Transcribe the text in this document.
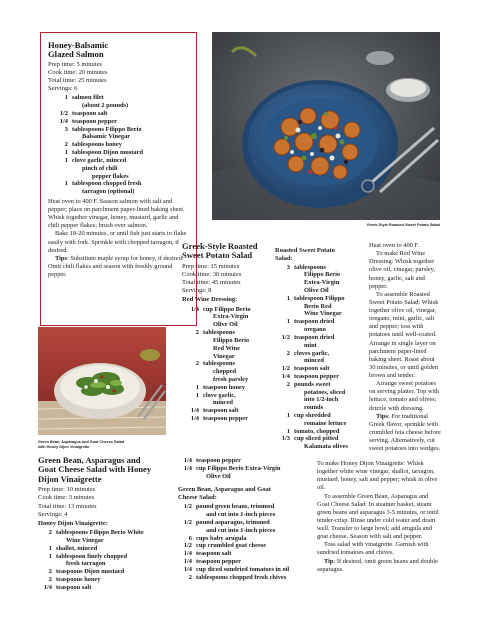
Honey-Balsamic
Glazed Salmon
Prep time: 5 minutes
Cook time: 20 minutes
Total time: 25 minutes
Servings: 6
1 salmon filet
(about 2 pounds)
1/2 teaspoon salt
1/4 teaspoon pepper
3 tablespoons Filippo Berio
Balsamic Vinegar
2 tablespoons honey
1 tablespoon Dijon mustard
1 clove garlic, minced
pinch of chili
pepper flakes
1 tablespoon chopped fresh
tarragon (optional)

Heat oven to 400 F. Season salmon with salt and pepper; place on parchment paper-lined baking sheet. Whisk together vinegar, honey, mustard, garlic and chili pepper flakes; brush over salmon.

Bake 18-20 minutes, or until fish just starts to flake easily with fork. Sprinkle with chopped tarragon, if desired.

Tips: Substitute maple syrup for honey, if desired. Omit chili flakes and season with freshly ground pepper.

Greek-Style Roasted Sweet Potato Salad
Green Bean, Asparagus and Goat Cheese Salad
with Honey Dijon Vinaigrette
Greek-Style Roasted
Sweet Potato Salad
Prep time: 15 minutes
Cook time: 30 minutes
Total time: 45 minutes
Servings: 8
Red Wine Dressing:
1/4 cup Filippo Berio
Extra-Virgin
Olive Oil
2 tablespoons
Filippo Berio
Red Wine
Vinegar
2 tablespoons
chopped
fresh parsley
1 teaspoon honey
1 clove garlic,
minced
1/4 teaspoon salt
1/4 teaspoon pepper
Roasted Sweet Potato
Salad:
3 tablespoons
Filippo Berio
Extra-Virgin
Olive Oil
1 tablespoon Filippo
Berio Red
Wine Vinegar
1 teaspoon dried
oregano
1/2 teaspoon dried
mint
2 cloves garlic,
minced
1/2 teaspoon salt
1/4 teaspoon pepper
2 pounds sweet
potatoes, sliced
into 1/2-inch
rounds
1 cup shredded
romaine lettuce
1 tomato, chopped
1/3 cup sliced pitted
Kalamata olives

Heat oven to 400 F.

To make Red Wine Dressing: Whisk together olive oil, vinegar, parsley, honey, garlic, salt and pepper.

To assemble Roasted Sweet Potato Salad: Whisk together olive oil, vinegar, oregano, mint, garlic, salt and pepper; toss with potatoes until well-coated. Arrange in single layer on parchment paper-lined baking sheet. Roast about 30 minutes, or until golden brown and tender.

Arrange sweet potatoes on serving platter. Top with lettuce, tomato and olives; drizzle with dressing.

Tips: For traditional Greek flavor, sprinkle with crumbled feta cheese before serving. Alternatively, cut sweet potatoes into wedges.

Green Bean, Asparagus and
Goat Cheese Salad with Honey
Dijon Vinaigrette
Prep time: 10 minutes
Cook time: 3 minutes
Total time: 13 minutes
Servings: 4
Honey Dijon Vinaigrette:
2 tablespoons Filippo Berio White
Wine Vinegar
1 shallot, minced
1 tablespoon finely chopped
fresh tarragon
2 teaspoons Dijon mustard
2 teaspoons honey
1/4 teaspoon salt
1/4 teaspoon pepper
1/4 cup Filippo Berio Extra-Virgin
Olive Oil
Green Bean, Asparagus and Goat
Cheese Salad:
1/2 pound green beans, trimmed
and cut into 1-inch pieces
1/2 pound asparagus, trimmed
and cut into 1-inch pieces
6 cups baby arugula
1/2 cup crumbled goat cheese
1/4 teaspoon salt
1/4 teaspoon pepper
1/4 cup diced sundried tomatoes in oil
2 tablespoons chopped fresh chives

To make Honey Dijon Vinaigrette: Whisk together white wine vinegar, shallot, tarragon, mustard, honey, salt and pepper; whisk in olive oil.

To assemble Green Bean, Asparagus and Goat Cheese Salad: In steamer basket, steam green beans and asparagus 3-5 minutes, or until tender-crisp. Rinse under cold water and drain well. Transfer to large bowl; add arugula and goat cheese. Season with salt and pepper.

Toss salad with vinaigrette. Garnish with sundried tomatoes and chives.

Tip: If desired, omit green beans and double asparagus.
